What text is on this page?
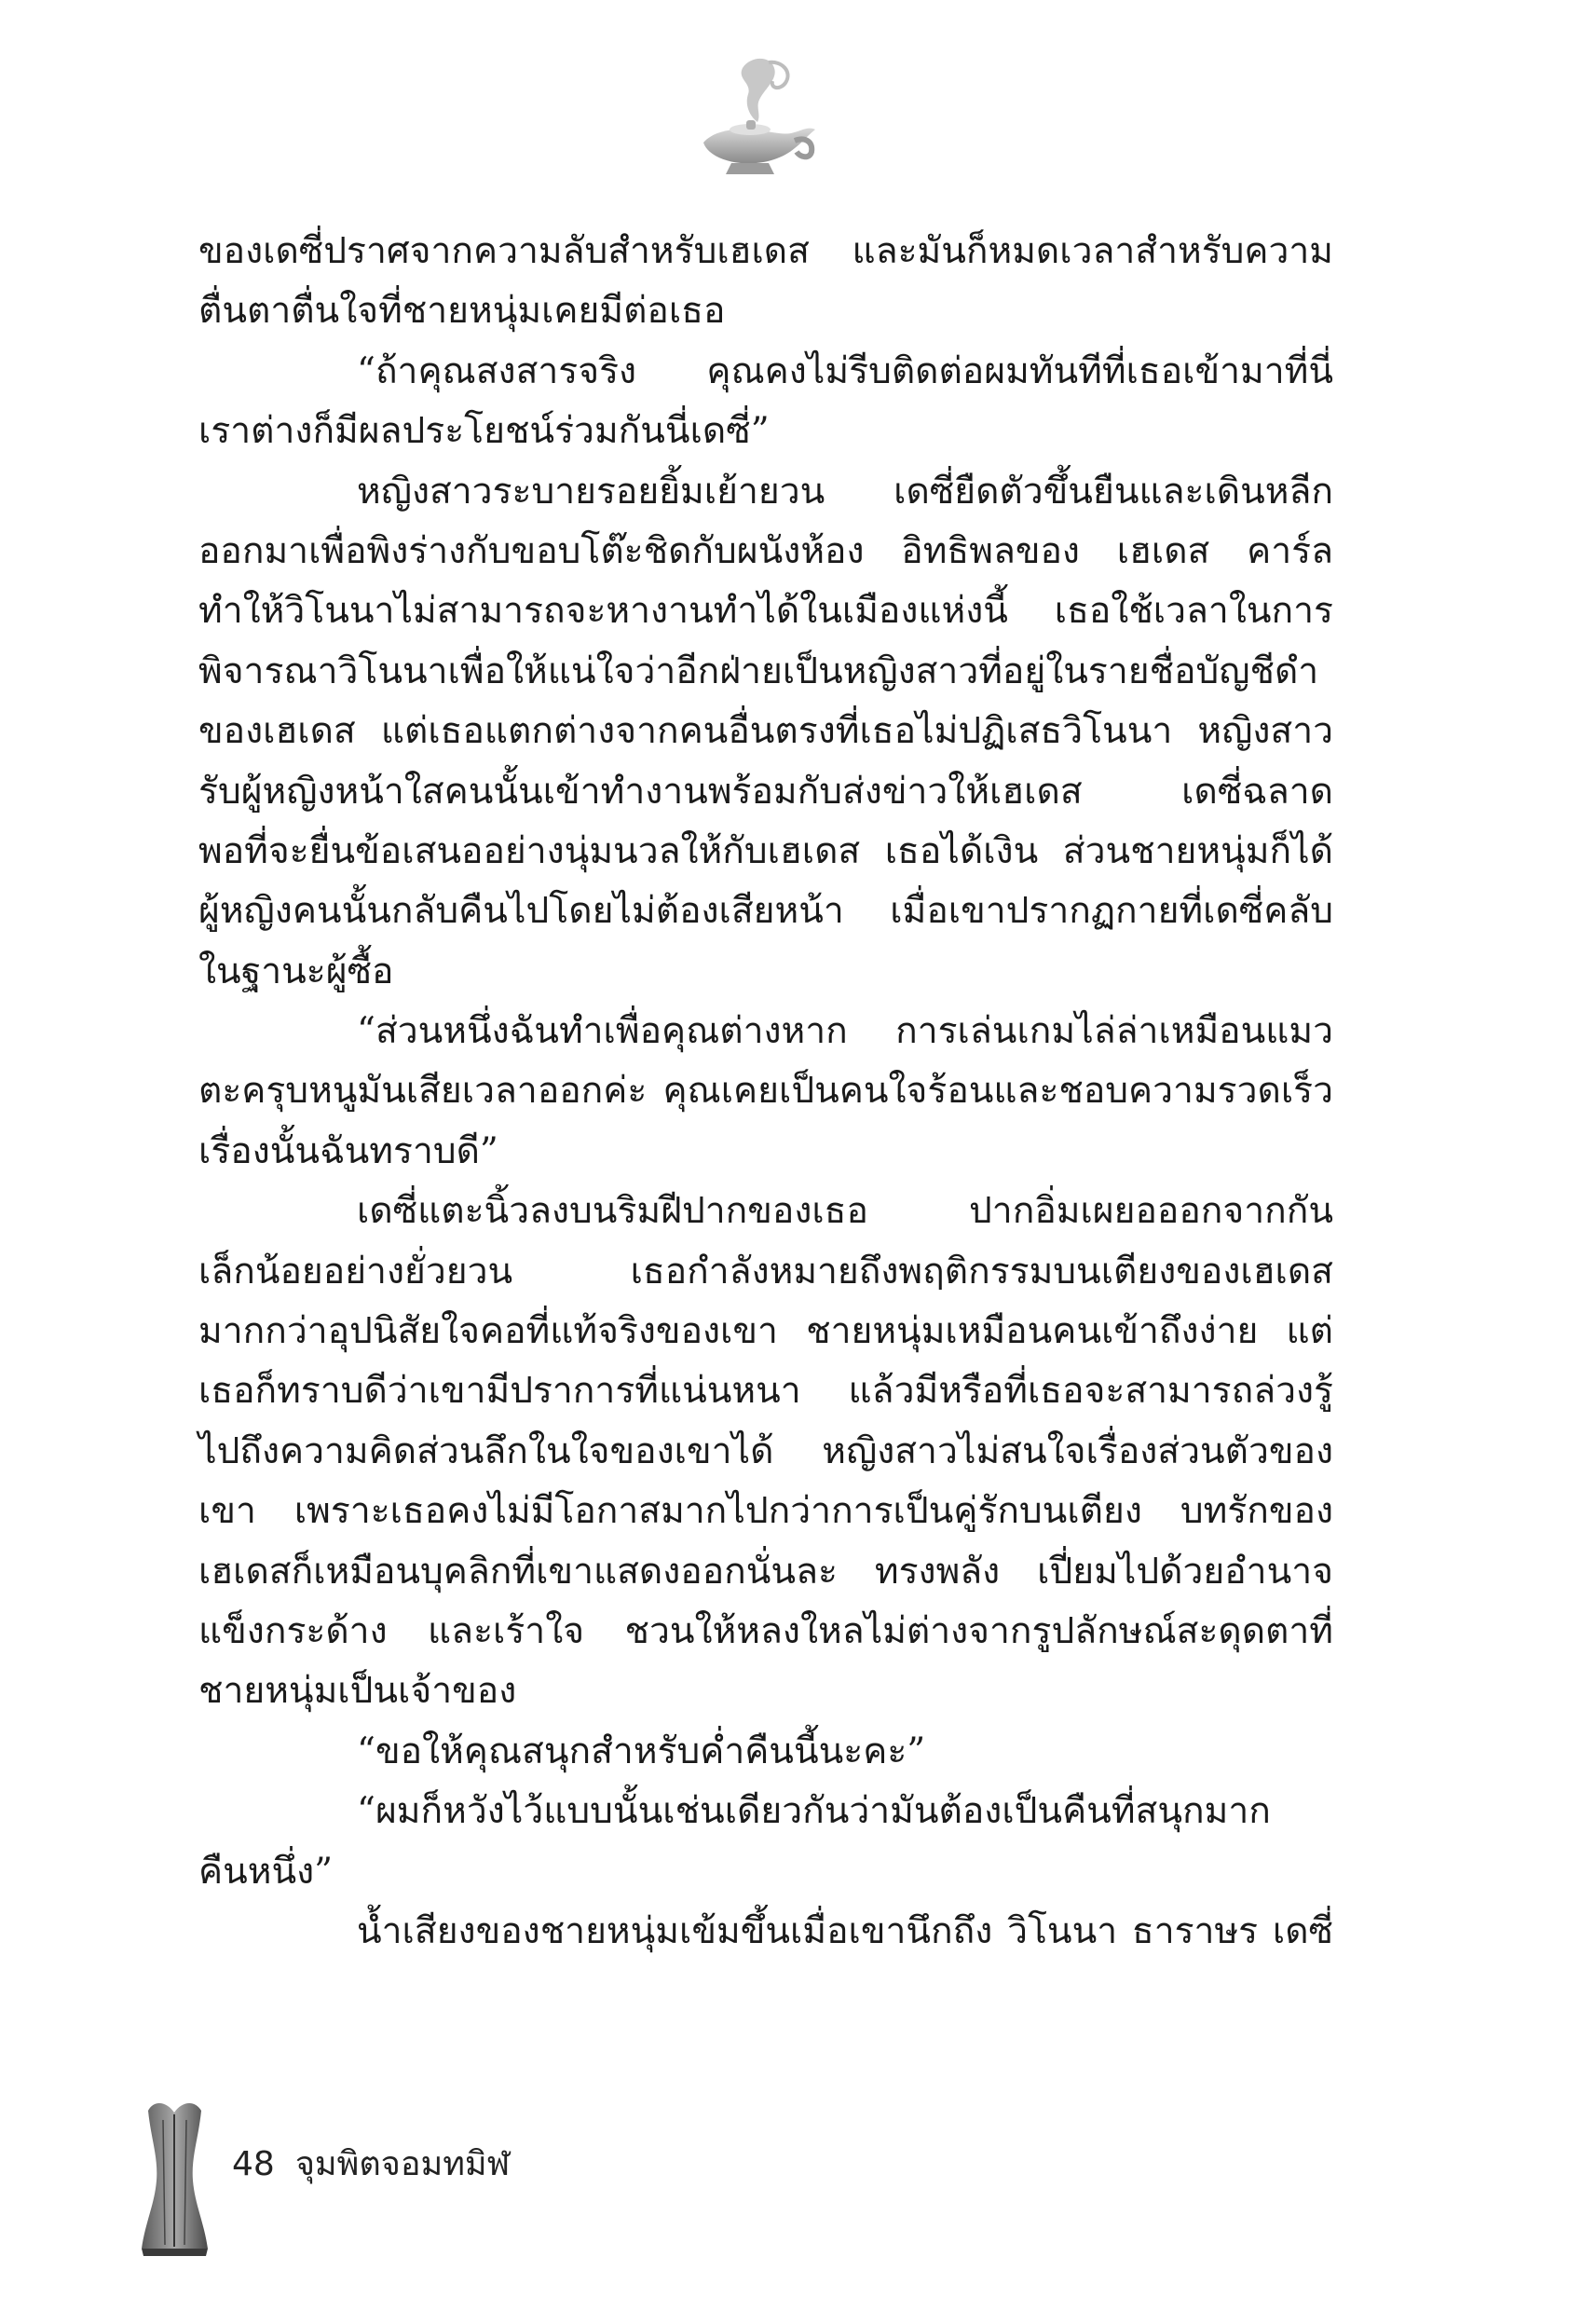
ของเดซี่ปราศจากความลับสำหรับเฮเดส และมันก็หมดเวลาสำหรับความ
ตื่นตาตื่นใจที่ชายหนุ่มเคยมีต่อเธอ
“ถ้าคุณสงสารจริง คุณคงไม่รีบติดต่อผมทันทีที่เธอเข้ามาที่นี่
เราต่างก็มีผลประโยชน์ร่วมกันนี่เดซี่”
หญิงสาวระบายรอยยิ้มเย้ายวน เดซี่ยืดตัวขึ้นยืนและเดินหลีก
ออกมาเพื่อพิงร่างกับขอบโต๊ะชิดกับผนังห้อง อิทธิพลของ เฮเดส คาร์ล
ทำให้วิโนนาไม่สามารถจะหางานทำได้ในเมืองแห่งนี้ เธอใช้เวลาในการ
พิจารณาวิโนนาเพื่อให้แน่ใจว่าอีกฝ่ายเป็นหญิงสาวที่อยู่ในรายชื่อบัญชีดำ
ของเฮเดส แต่เธอแตกต่างจากคนอื่นตรงที่เธอไม่ปฏิเสธวิโนนา หญิงสาว
รับผู้หญิงหน้าใสคนนั้นเข้าทำงานพร้อมกับส่งข่าวให้เฮเดส เดซี่ฉลาด
พอที่จะยื่นข้อเสนออย่างนุ่มนวลให้กับเฮเดส เธอได้เงิน ส่วนชายหนุ่มก็ได้
ผู้หญิงคนนั้นกลับคืนไปโดยไม่ต้องเสียหน้า เมื่อเขาปรากฏกายที่เดซี่คลับ
ในฐานะผู้ซื้อ
“ส่วนหนึ่งฉันทำเพื่อคุณต่างหาก การเล่นเกมไล่ล่าเหมือนแมว
ตะครุบหนูมันเสียเวลาออกค่ะ คุณเคยเป็นคนใจร้อนและชอบความรวดเร็ว
เรื่องนั้นฉันทราบดี”
เดซี่แตะนิ้วลงบนริมฝีปากของเธอ ปากอิ่มเผยอออกจากกัน
เล็กน้อยอย่างยั่วยวน เธอกำลังหมายถึงพฤติกรรมบนเตียงของเฮเดส
มากกว่าอุปนิสัยใจคอที่แท้จริงของเขา ชายหนุ่มเหมือนคนเข้าถึงง่าย แต่
เธอก็ทราบดีว่าเขามีปราการที่แน่นหนา แล้วมีหรือที่เธอจะสามารถล่วงรู้
ไปถึงความคิดส่วนลึกในใจของเขาได้ หญิงสาวไม่สนใจเรื่องส่วนตัวของ
เขา เพราะเธอคงไม่มีโอกาสมากไปกว่าการเป็นคู่รักบนเตียง บทรักของ
เฮเดสก็เหมือนบุคลิกที่เขาแสดงออกนั่นละ ทรงพลัง เปี่ยมไปด้วยอำนาจ
แข็งกระด้าง และเร้าใจ ชวนให้หลงใหลไม่ต่างจากรูปลักษณ์สะดุดตาที่
ชายหนุ่มเป็นเจ้าของ
“ขอให้คุณสนุกสำหรับค่ำคืนนี้นะคะ”
“ผมก็หวังไว้แบบนั้นเช่นเดียวกันว่ามันต้องเป็นคืนที่สนุกมาก
คืนหนึ่ง”
น้ำเสียงของชายหนุ่มเข้มขึ้นเมื่อเขานึกถึง วิโนนา ธาราษร เดซี่
48 จุมพิตจอมทมิฬ
